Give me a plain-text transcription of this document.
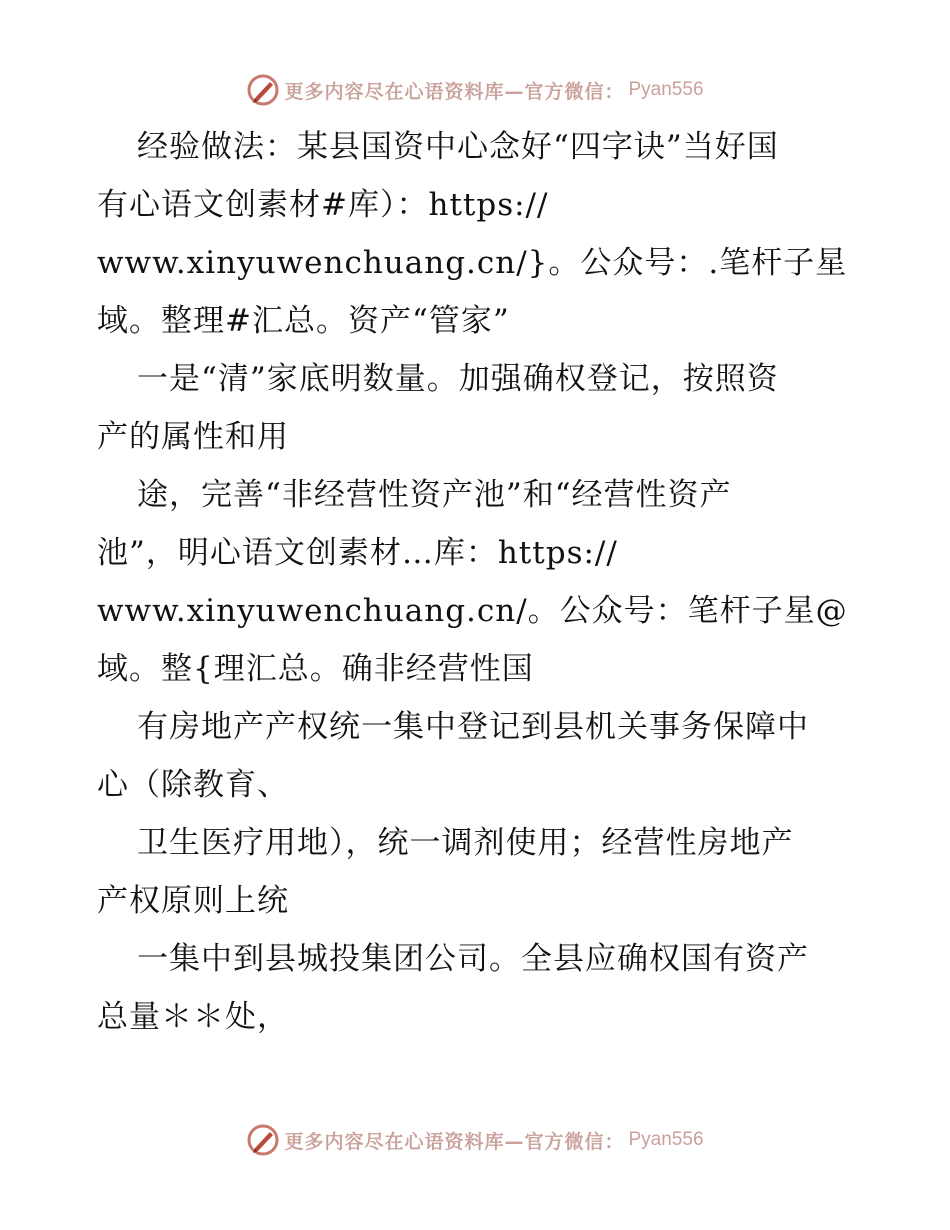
更多内容尽在心语资料库—官方微信： Pyan556
经验做法：某县国资中心念好“四字诀”当好国
有心语文创素材#库）：https://
www.xinyuwenchuang.cn/}。公众号：.笔杆子星
域。整理#汇总。资产“管家”
一是“清”家底明数量。加强确权登记，按照资
产的属性和用
途，完善“非经营性资产池”和“经营性资产
池”，明心语文创素材…库：https://
www.xinyuwenchuang.cn/。公众号：笔杆子星@
域。整{理汇总。确非经营性国
有房地产产权统一集中登记到县机关事务保障中
心（除教育、
卫生医疗用地），统一调剂使用；经营性房地产
产权原则上统
一集中到县城投集团公司。全县应确权国有资产
总量＊＊处，
更多内容尽在心语资料库—官方微信： Pyan556
